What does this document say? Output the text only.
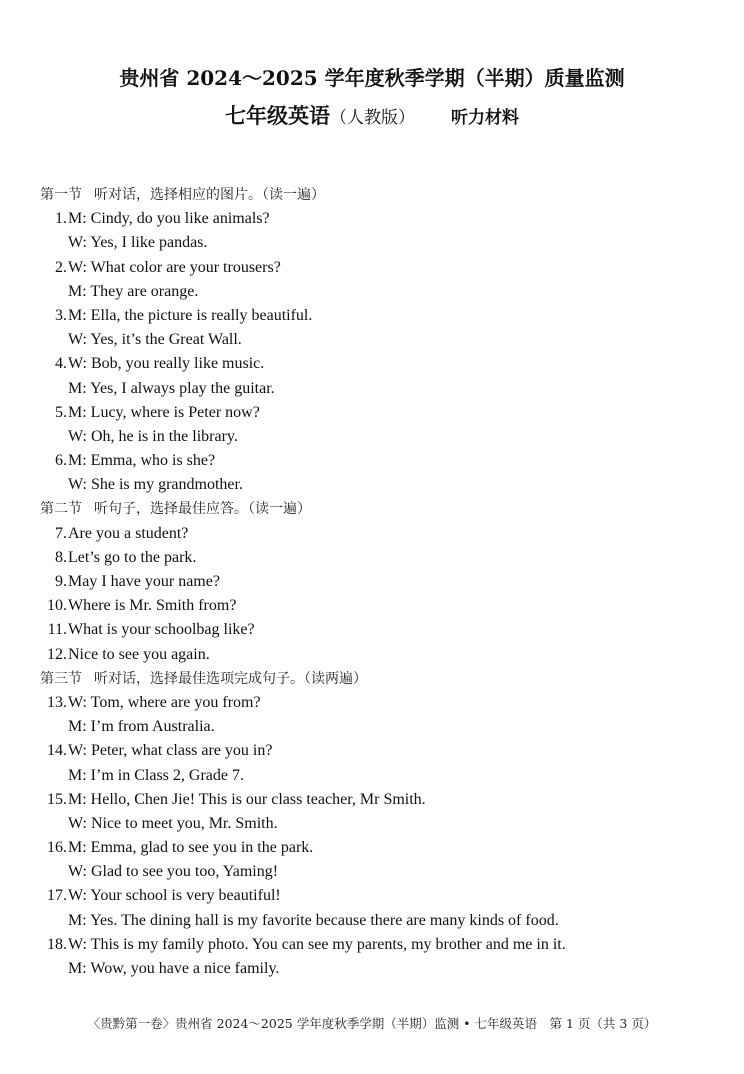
贵州省 2024～2025 学年度秋季学期（半期）质量监测
七年级英语（人教版） 听力材料
第一节 听对话，选择相应的图片。（读一遍）
1.M: Cindy, do you like animals?
W: Yes, I like pandas.
2.W: What color are your trousers?
M: They are orange.
3.M: Ella, the picture is really beautiful.
W: Yes, it’s the Great Wall.
4.W: Bob, you really like music.
M: Yes, I always play the guitar.
5.M: Lucy, where is Peter now?
W: Oh, he is in the library.
6.M: Emma, who is she?
W: She is my grandmother.
第二节 听句子，选择最佳应答。（读一遍）
7.Are you a student?
8.Let’s go to the park.
9.May I have your name?
10.Where is Mr. Smith from?
11.What is your schoolbag like?
12.Nice to see you again.
第三节 听对话，选择最佳选项完成句子。（读两遍）
13.W: Tom, where are you from?
M: I’m from Australia.
14.W: Peter, what class are you in?
M: I’m in Class 2, Grade 7.
15.M: Hello, Chen Jie! This is our class teacher, Mr Smith.
W: Nice to meet you, Mr. Smith.
16.M: Emma, glad to see you in the park.
W: Glad to see you too, Yaming!
17.W: Your school is very beautiful!
M: Yes. The dining hall is my favorite because there are many kinds of food.
18.W: This is my family photo. You can see my parents, my brother and me in it.
M: Wow, you have a nice family.
〈贵黔第一卷〉贵州省 2024～2025 学年度秋季学期（半期）监测 • 七年级英语　第 1 页（共 3 页）
